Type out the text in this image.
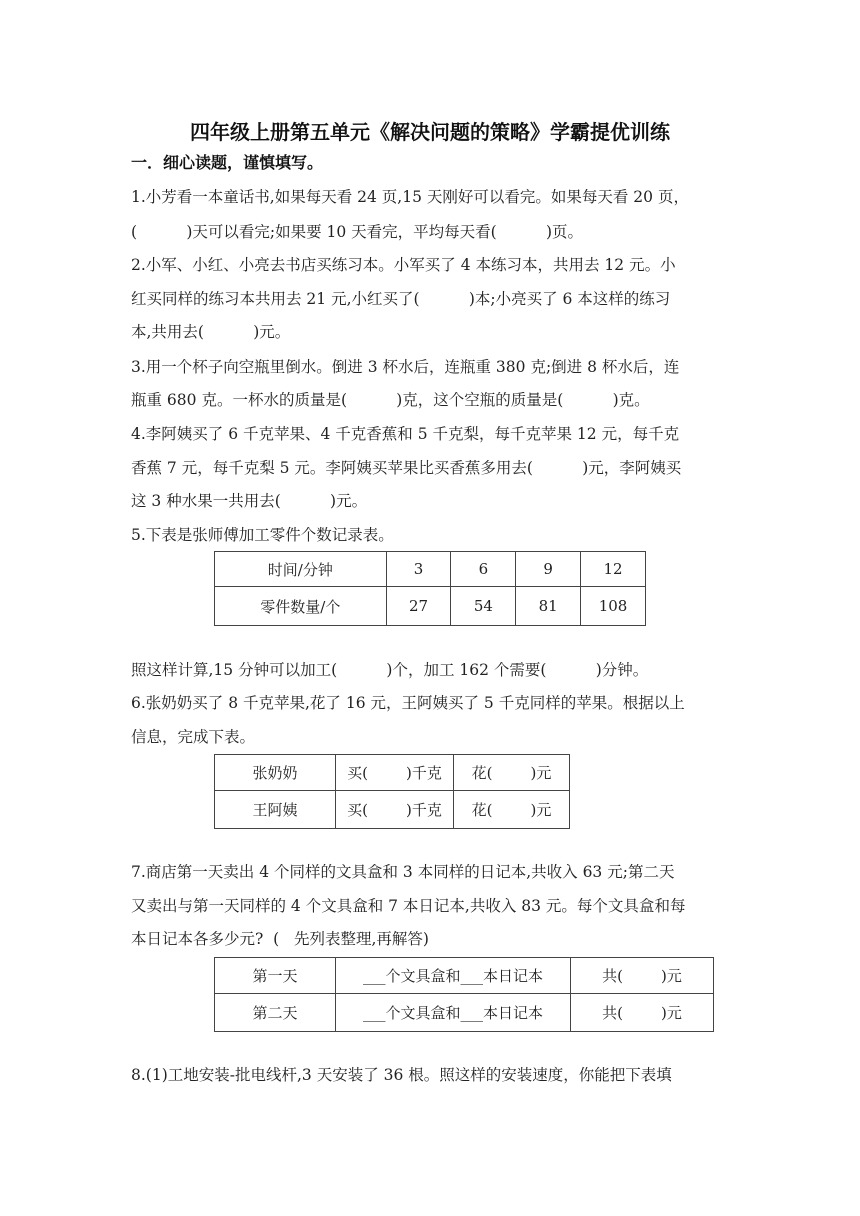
四年级上册第五单元《解决问题的策略》学霸提优训练
一．细心读题，谨慎填写。
1.小芳看一本童话书,如果每天看 24 页,15 天刚好可以看完。如果每天看 20 页，
(          )天可以看完;如果要 10 天看完，平均每天看(          )页。
2.小军、小红、小亮去书店买练习本。小军买了 4 本练习本，共用去 12 元。小
红买同样的练习本共用去 21 元,小红买了(          )本;小亮买了 6 本这样的练习
本,共用去(          )元。
3.用一个杯子向空瓶里倒水。倒进 3 杯水后，连瓶重 380 克;倒进 8 杯水后，连
瓶重 680 克。一杯水的质量是(          )克，这个空瓶的质量是(          )克。
4.李阿姨买了 6 千克苹果、4 千克香蕉和 5 千克梨，每千克苹果 12 元，每千克
香蕉 7 元，每千克梨 5 元。李阿姨买苹果比买香蕉多用去(          )元，李阿姨买
这 3 种水果一共用去(          )元。
5.下表是张师傅加工零件个数记录表。
时间/分钟	3	6	9	12
零件数量/个	27	54	81	108
照这样计算,15 分钟可以加工(          )个，加工 162 个需要(          )分钟。
6.张奶奶买了 8 千克苹果,花了 16 元，王阿姨买了 5 千克同样的苹果。根据以上
信息，完成下表。
张奶奶	买(        )千克	花(        )元
王阿姨	买(        )千克	花(        )元
7.商店第一天卖出 4 个同样的文具盒和 3 本同样的日记本,共收入 63 元;第二天
又卖出与第一天同样的 4 个文具盒和 7 本日记本,共收入 83 元。每个文具盒和每
本日记本各多少元?  (   先列表整理,再解答)
第一天	___个文具盒和___本日记本	共(        )元
第二天	___个文具盒和___本日记本	共(        )元
8.(1)工地安装-批电线杆,3 天安装了 36 根。照这样的安装速度，你能把下表填
